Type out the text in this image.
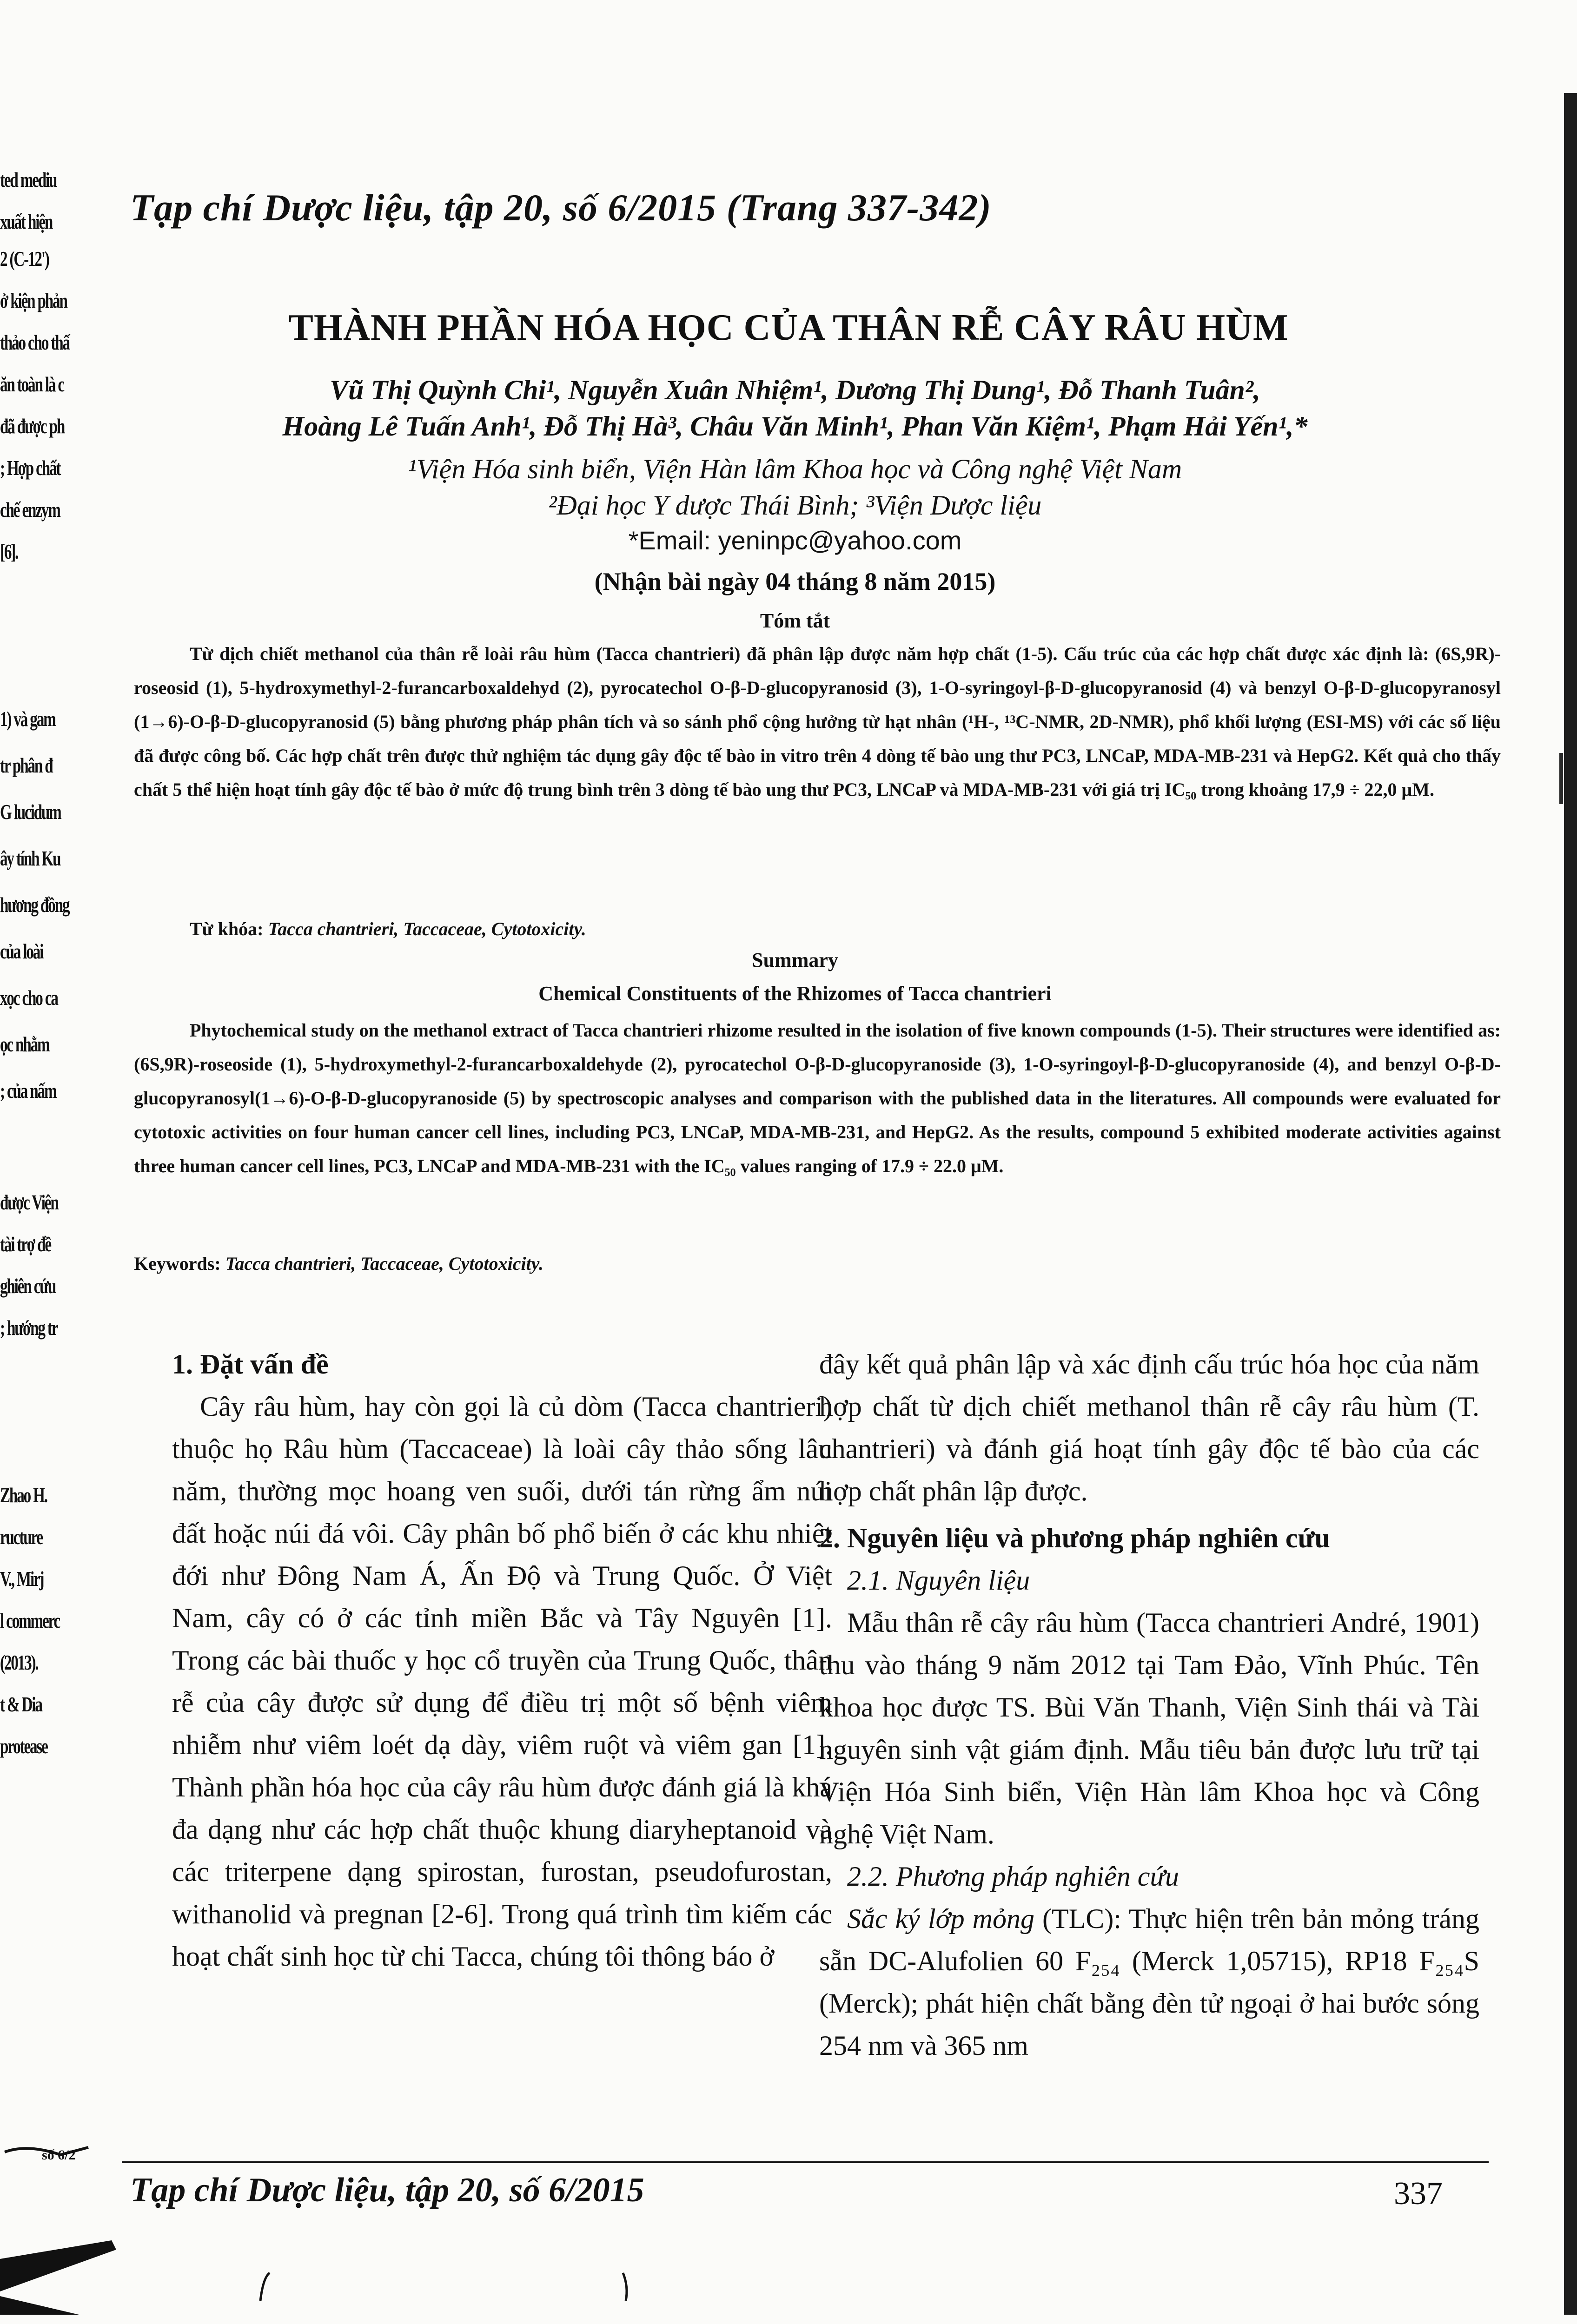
ted mediu
xuất hiện
2 (C-12')
ở kiện phản
thảo cho thấ
ăn toàn là c
đã được ph
; Hợp chất
chế enzym
[6].
1) và gam
tr phân đ
G lucidum
ây tính Ku
hương đồng
của loài
xọc cho ca
ọc nhằm
; của nấm
được Viện
tài trợ đề
ghiên cứu
; hướng tr
Zhao H.
ructure
V., Mirj
l commerc
(2013).
t & Dia
protease
số 6/2
Tạp chí Dược liệu, tập 20, số 6/2015 (Trang 337-342)
THÀNH PHẦN HÓA HỌC CỦA THÂN RỄ CÂY RÂU HÙM
Vũ Thị Quỳnh Chi¹, Nguyễn Xuân Nhiệm¹, Dương Thị Dung¹, Đỗ Thanh Tuân²,
Hoàng Lê Tuấn Anh¹, Đỗ Thị Hà³, Châu Văn Minh¹, Phan Văn Kiệm¹, Phạm Hải Yến¹,*
¹Viện Hóa sinh biển, Viện Hàn lâm Khoa học và Công nghệ Việt Nam
²Đại học Y dược Thái Bình; ³Viện Dược liệu
*Email: yeninpc@yahoo.com
(Nhận bài ngày 04 tháng 8 năm 2015)
Tóm tắt

Từ dịch chiết methanol của thân rễ loài râu hùm (Tacca chantrieri) đã phân lập được năm hợp chất (1-5). Cấu trúc của các hợp chất được xác định là: (6S,9R)-roseosid (1), 5-hydroxymethyl-2-furancarboxaldehyd (2), pyrocatechol O-β-D-glucopyranosid (3), 1-O-syringoyl-β-D-glucopyranosid (4) và benzyl O-β-D-glucopyranosyl (1→6)-O-β-D-glucopyranosid (5) bằng phương pháp phân tích và so sánh phổ cộng hưởng từ hạt nhân (¹H-, ¹³C-NMR, 2D-NMR), phổ khối lượng (ESI-MS) với các số liệu đã được công bố. Các hợp chất trên được thử nghiệm tác dụng gây độc tế bào in vitro trên 4 dòng tế bào ung thư PC3, LNCaP, MDA-MB-231 và HepG2. Kết quả cho thấy chất 5 thể hiện hoạt tính gây độc tế bào ở mức độ trung bình trên 3 dòng tế bào ung thư PC3, LNCaP và MDA-MB-231 với giá trị IC₅₀ trong khoảng 17,9 ÷ 22,0 μM.

Từ khóa: Tacca chantrieri, Taccaceae, Cytotoxicity.
Summary
Chemical Constituents of the Rhizomes of Tacca chantrieri

Phytochemical study on the methanol extract of Tacca chantrieri rhizome resulted in the isolation of five known compounds (1-5). Their structures were identified as: (6S,9R)-roseoside (1), 5-hydroxymethyl-2-furancarboxaldehyde (2), pyrocatechol O-β-D-glucopyranoside (3), 1-O-syringoyl-β-D-glucopyranoside (4), and benzyl O-β-D-glucopyranosyl(1→6)-O-β-D-glucopyranoside (5) by spectroscopic analyses and comparison with the published data in the literatures. All compounds were evaluated for cytotoxic activities on four human cancer cell lines, including PC3, LNCaP, MDA-MB-231, and HepG2. As the results, compound 5 exhibited moderate activities against three human cancer cell lines, PC3, LNCaP and MDA-MB-231 with the IC₅₀ values ranging of 17.9 ÷ 22.0 μM.

Keywords: Tacca chantrieri, Taccaceae, Cytotoxicity.

1. Đặt vấn đề

Cây râu hùm, hay còn gọi là củ dòm (Tacca chantrieri) thuộc họ Râu hùm (Taccaceae) là loài cây thảo sống lâu năm, thường mọc hoang ven suối, dưới tán rừng ẩm núi đất hoặc núi đá vôi. Cây phân bố phổ biến ở các khu nhiệt đới như Đông Nam Á, Ấn Độ và Trung Quốc. Ở Việt Nam, cây có ở các tỉnh miền Bắc và Tây Nguyên [1]. Trong các bài thuốc y học cổ truyền của Trung Quốc, thân rễ của cây được sử dụng để điều trị một số bệnh viêm nhiễm như viêm loét dạ dày, viêm ruột và viêm gan [1]. Thành phần hóa học của cây râu hùm được đánh giá là khá đa dạng như các hợp chất thuộc khung diaryheptanoid và các triterpene dạng spirostan, furostan, pseudofurostan, withanolid và pregnan [2-6]. Trong quá trình tìm kiếm các hoạt chất sinh học từ chi Tacca, chúng tôi thông báo ở

đây kết quả phân lập và xác định cấu trúc hóa học của năm hợp chất từ dịch chiết methanol thân rễ cây râu hùm (T. chantrieri) và đánh giá hoạt tính gây độc tế bào của các hợp chất phân lập được.

2. Nguyên liệu và phương pháp nghiên cứu

2.1. Nguyên liệu

Mẫu thân rễ cây râu hùm (Tacca chantrieri André, 1901) thu vào tháng 9 năm 2012 tại Tam Đảo, Vĩnh Phúc. Tên khoa học được TS. Bùi Văn Thanh, Viện Sinh thái và Tài nguyên sinh vật giám định. Mẫu tiêu bản được lưu trữ tại Viện Hóa Sinh biển, Viện Hàn lâm Khoa học và Công nghệ Việt Nam.

2.2. Phương pháp nghiên cứu

Sắc ký lớp mỏng (TLC): Thực hiện trên bản mỏng tráng sẵn DC-Alufolien 60 F₂₅₄ (Merck 1,05715), RP18 F₂₅₄S (Merck); phát hiện chất bằng đèn tử ngoại ở hai bước sóng 254 nm và 365 nm

Tạp chí Dược liệu, tập 20, số 6/2015	337
